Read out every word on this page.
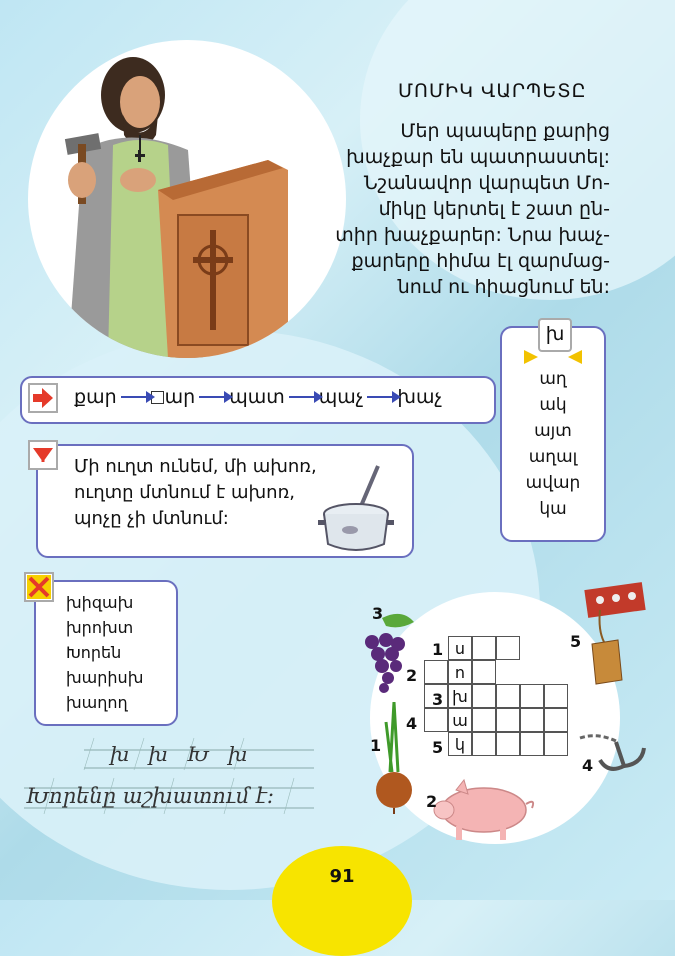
ՄՈՄԻԿ ՎԱՐՊԵՏԸ
Մեր պապերը քարից
խաչքար են պատրաստել:
Նշանավոր վարպետ Մո-
միկը կերտել է շատ ըն-
տիր խաչքարեր: Նրա խաչ-
քարերը հիմա էլ զարմաց-
նում ու հիացնում են:
քար	ար պատ պաչ խաչ
Մի ուղտ ունեմ, մի ախոռ,
ուղտը մտնում է ախոռ,
պոչը չի մտնում:
խ
աղ
ակ
այտ
աղալ
ավար
կա
խիզախ
խրոխտ
Խորեն
խարիսխ
խաղող
խ   խ   Խ   խ
Խորենը աշխատում է:
ս
ո
խ
ա
կ
1
2
3
4
5
3
5
1
4
2
91
